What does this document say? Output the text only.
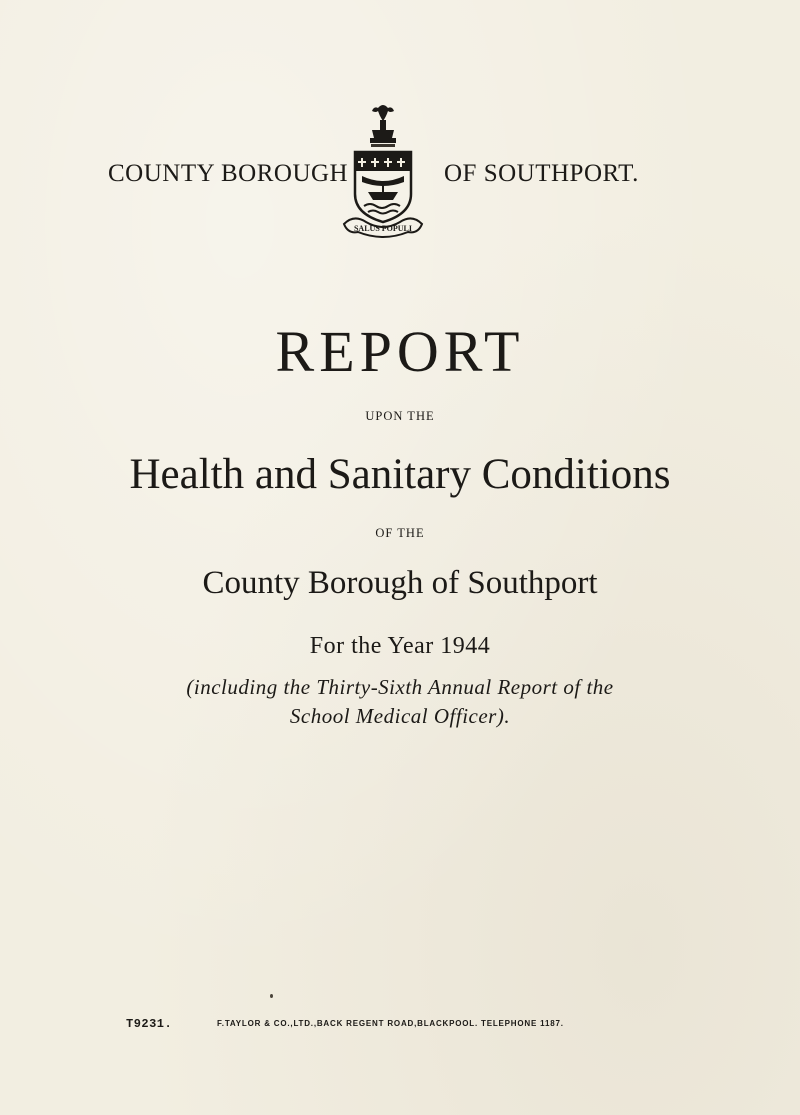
COUNTY BOROUGH
SALUS POPULI
OF SOUTHPORT.
REPORT
UPON THE
Health and Sanitary Conditions
OF THE
County Borough of Southport
For the Year 1944
(including the Thirty-Sixth Annual Report of the
School Medical Officer).
T9231.	F.TAYLOR & CO.,LTD.,BACK REGENT ROAD,BLACKPOOL. TELEPHONE 1187.
